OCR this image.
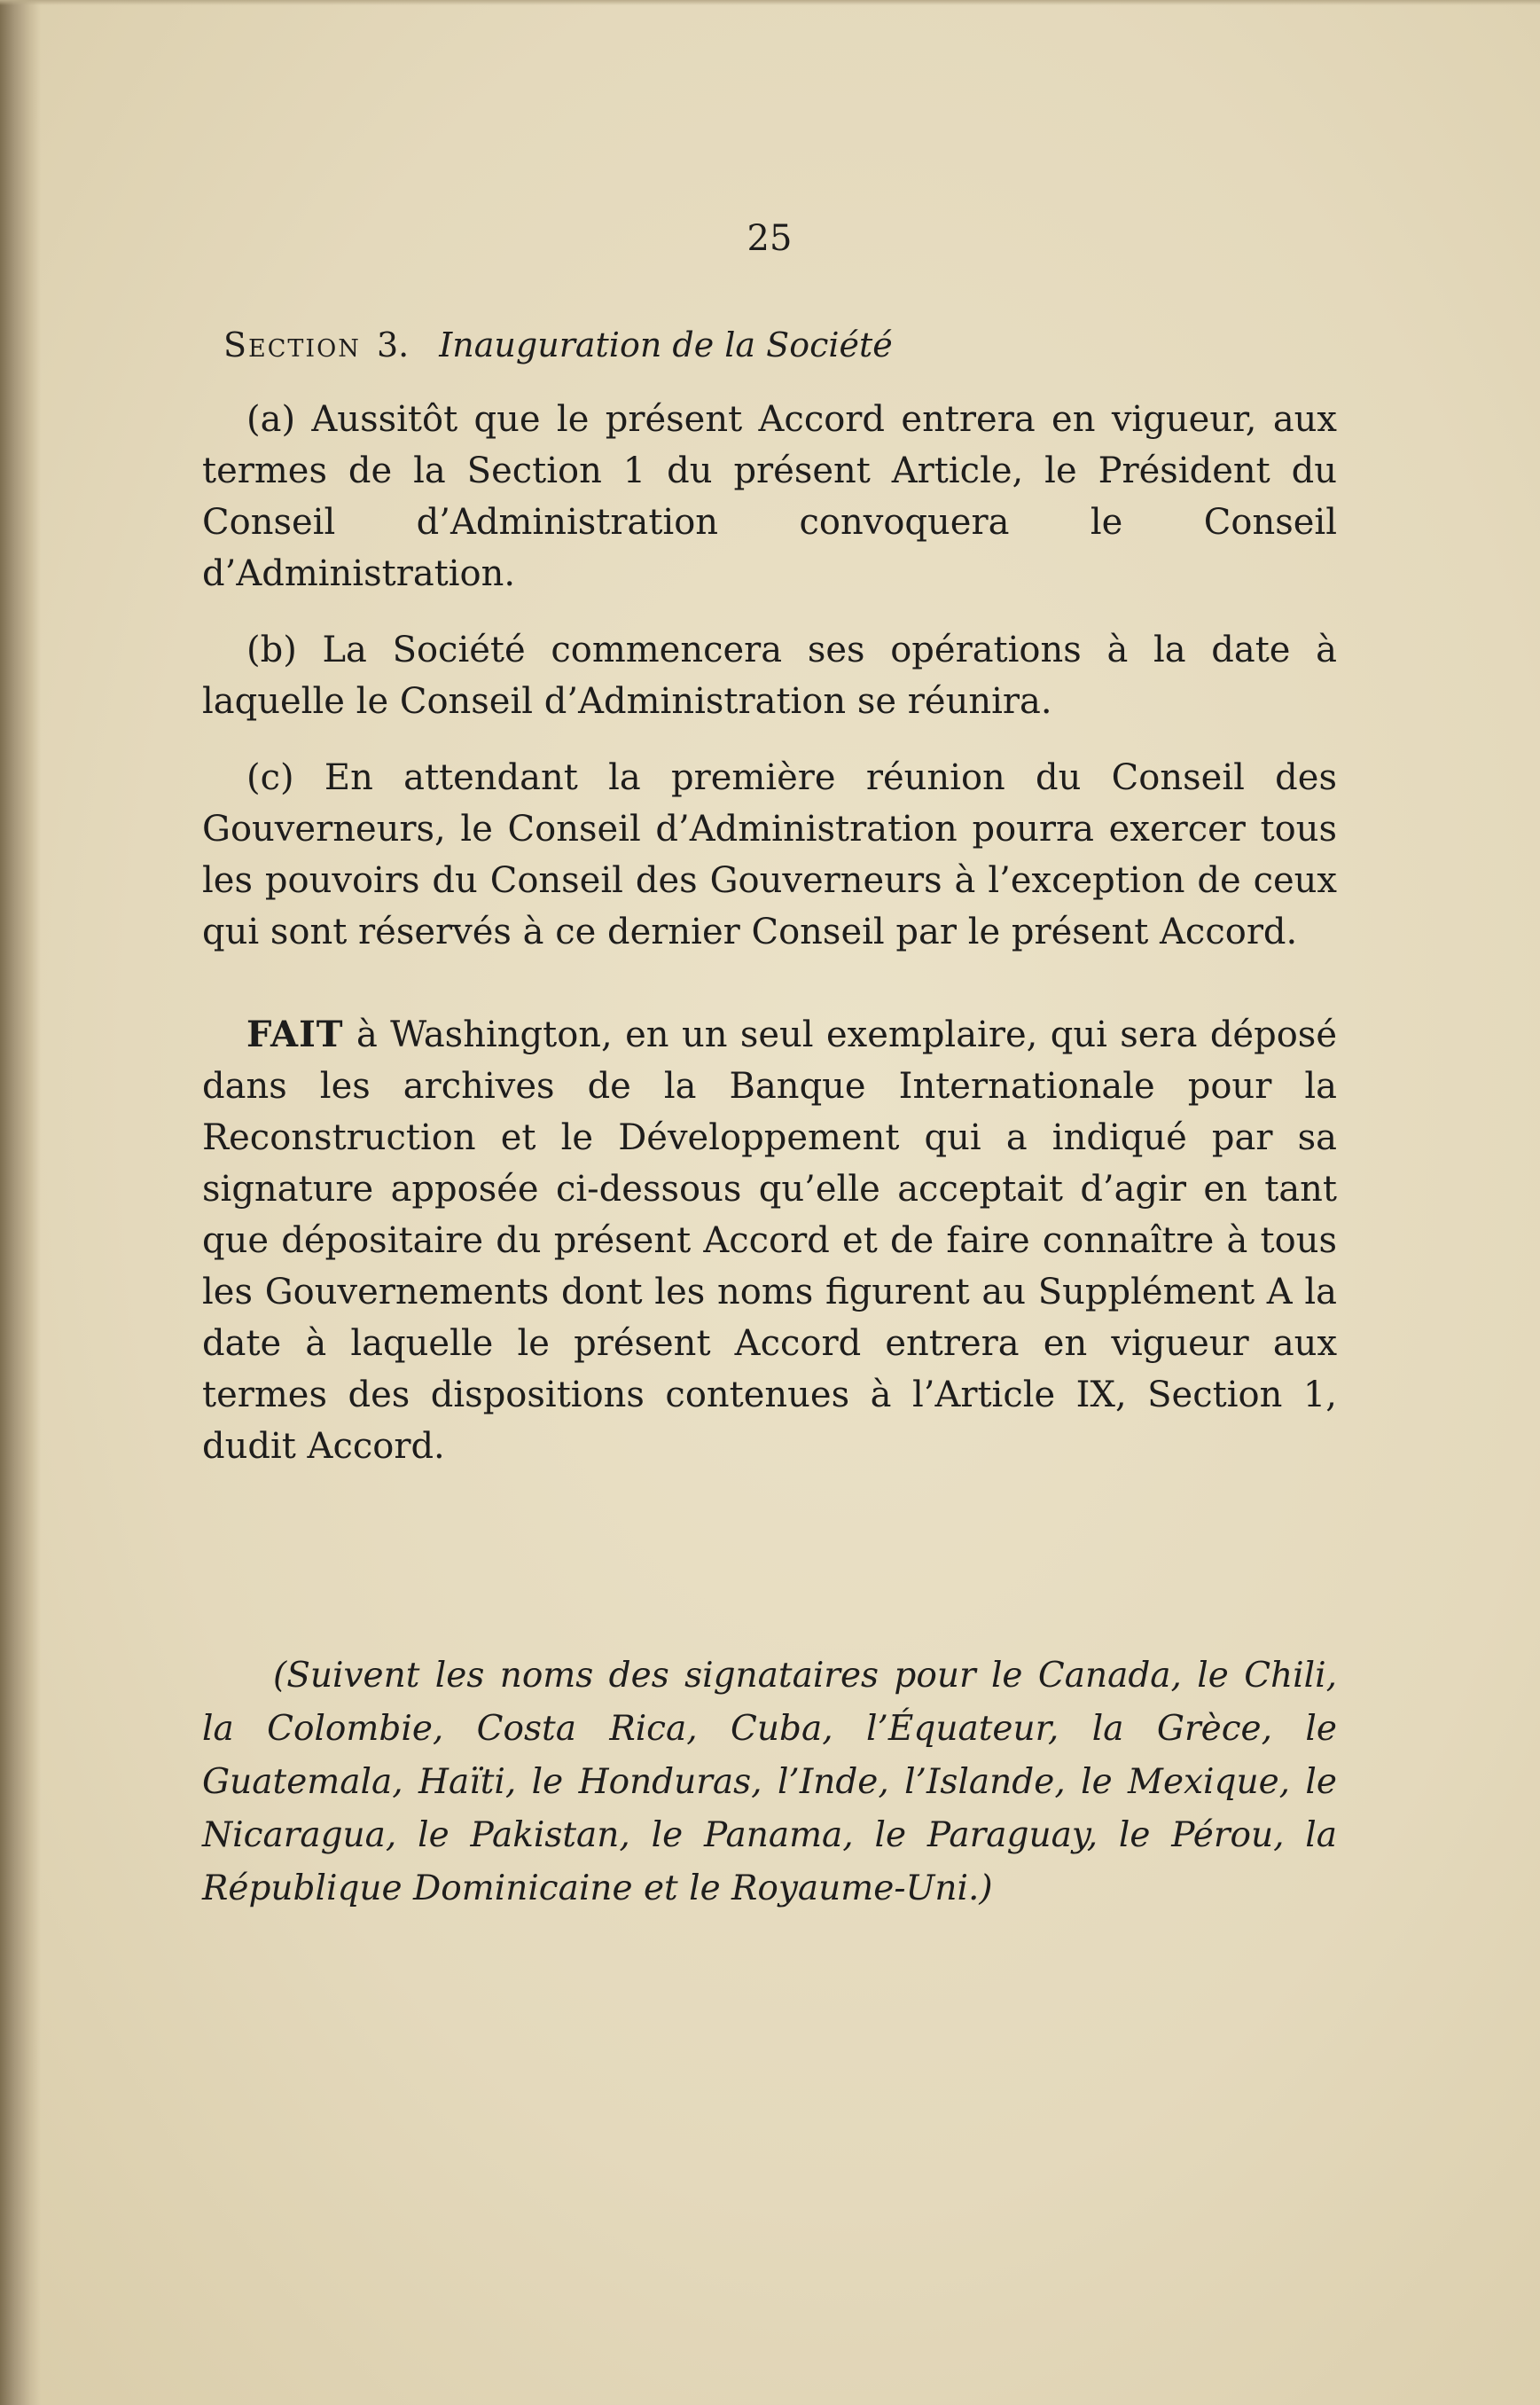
25
Section 3. Inauguration de la Société

(a) Aussitôt que le présent Accord entrera en vigueur, aux termes de la Section 1 du présent Article, le Président du Conseil d’Administration convoquera le Conseil d’Administration.

(b) La Société commencera ses opérations à la date à laquelle le Conseil d’Administration se réunira.

(c) En attendant la première réunion du Conseil des Gouverneurs, le Conseil d’Administration pourra exercer tous les pouvoirs du Conseil des Gouverneurs à l’exception de ceux qui sont réservés à ce dernier Conseil par le présent Accord.

FAIT à Washington, en un seul exemplaire, qui sera déposé dans les archives de la Banque Internationale pour la Reconstruction et le Développement qui a indiqué par sa signature apposée ci-dessous qu’elle acceptait d’agir en tant que dépositaire du présent Accord et de faire connaître à tous les Gouvernements dont les noms figurent au Supplément A la date à laquelle le présent Accord entrera en vigueur aux termes des dispositions contenues à l’Article IX, Section 1, dudit Accord.

(Suivent les noms des signataires pour le Canada, le Chili, la Colombie, Costa Rica, Cuba, l’Équateur, la Grèce, le Guatemala, Haïti, le Honduras, l’Inde, l’Islande, le Mexique, le Nicaragua, le Pakistan, le Panama, le Paraguay, le Pérou, la République Dominicaine et le Royaume-Uni.)
